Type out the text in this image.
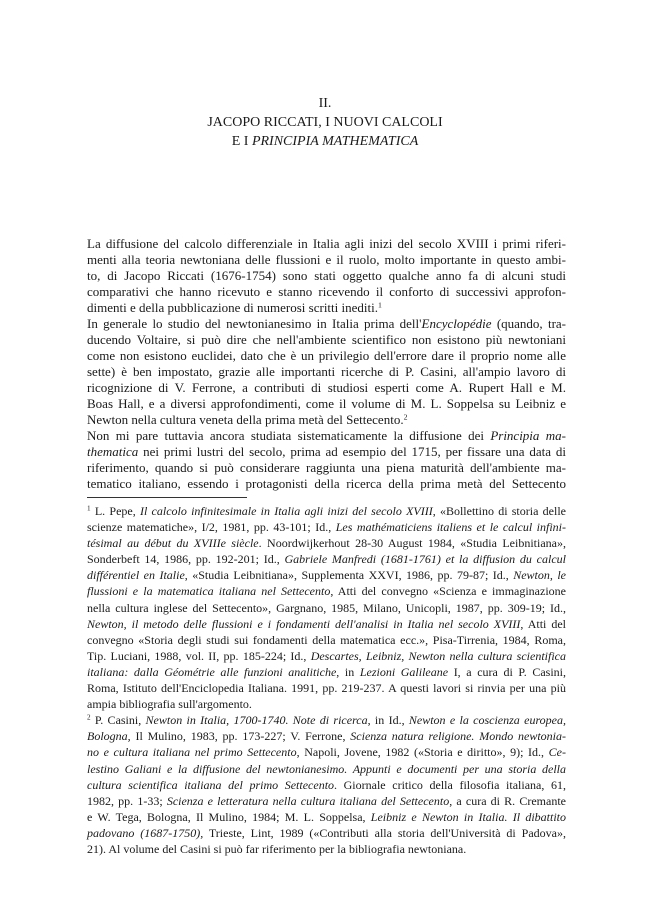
II.
JACOPO RICCATI, I NUOVI CALCOLI
E I PRINCIPIA MATHEMATICA
La diffusione del calcolo differenziale in Italia agli inizi del secolo XVIII i primi riferi-
menti alla teoria newtoniana delle flussioni e il ruolo, molto importante in questo ambi-
to, di Jacopo Riccati (1676-1754) sono stati oggetto qualche anno fa di alcuni studi
comparativi che hanno ricevuto e stanno ricevendo il conforto di successivi approfon-
dimenti e della pubblicazione di numerosi scritti inediti.$^1$
In generale lo studio del newtonianesimo in Italia prima dell'Encyclopédie (quando, tra-
ducendo Voltaire, si può dire che nell'ambiente scientifico non esistono più newtoniani
come non esistono euclidei, dato che è un privilegio dell'errore dare il proprio nome alle
sette) è ben impostato, grazie alle importanti ricerche di P. Casini, all'ampio lavoro di
ricognizione di V. Ferrone, a contributi di studiosi esperti come A. Rupert Hall e M.
Boas Hall, e a diversi approfondimenti, come il volume di M. L. Soppelsa su Leibniz e
Newton nella cultura veneta della prima metà del Settecento.$^2$
Non mi pare tuttavia ancora studiata sistematicamente la diffusione dei Principia ma-
thematica nei primi lustri del secolo, prima ad esempio del 1715, per fissare una data di
riferimento, quando si può considerare raggiunta una piena maturità dell'ambiente ma-
tematico italiano, essendo i protagonisti della ricerca della prima metà del Settecento
$^1$ L. Pepe, Il calcolo infinitesimale in Italia agli inizi del secolo XVIII, «Bollettino di storia delle
scienze matematiche», I/2, 1981, pp. 43-101; Id., Les mathématiciens italiens et le calcul infini-
tésimal au début du XVIIIe siècle. Noordwijkerhout 28-30 August 1984, «Studia Leibnitiana»,
Sonderbeft 14, 1986, pp. 192-201; Id., Gabriele Manfredi (1681-1761) et la diffusion du calcul
différentiel en Italie, «Studia Leibnitiana», Supplementa XXVI, 1986, pp. 79-87; Id., Newton, le
flussioni e la matematica italiana nel Settecento, Atti del convegno «Scienza e immaginazione
nella cultura inglese del Settecento», Gargnano, 1985, Milano, Unicopli, 1987, pp. 309-19; Id.,
Newton, il metodo delle flussioni e i fondamenti dell'analisi in Italia nel secolo XVIII, Atti del
convegno «Storia degli studi sui fondamenti della matematica ecc.», Pisa-Tirrenia, 1984, Roma,
Tip. Luciani, 1988, vol. II, pp. 185-224; Id., Descartes, Leibniz, Newton nella cultura scientifica
italiana: dalla Géométrie alle funzioni analitiche, in Lezioni Galileane I, a cura di P. Casini,
Roma, Istituto dell'Enciclopedia Italiana. 1991, pp. 219-237. A questi lavori si rinvia per una più
ampia bibliografia sull'argomento.
$^2$ P. Casini, Newton in Italia, 1700-1740. Note di ricerca, in Id., Newton e la coscienza europea,
Bologna, Il Mulino, 1983, pp. 173-227; V. Ferrone, Scienza natura religione. Mondo newtonia-
no e cultura italiana nel primo Settecento, Napoli, Jovene, 1982 («Storia e diritto», 9); Id., Ce-
lestino Galiani e la diffusione del newtonianesimo. Appunti e documenti per una storia della
cultura scientifica italiana del primo Settecento. Giornale critico della filosofia italiana, 61,
1982, pp. 1-33; Scienza e letteratura nella cultura italiana del Settecento, a cura di R. Cremante
e W. Tega, Bologna, Il Mulino, 1984; M. L. Soppelsa, Leibniz e Newton in Italia. Il dibattito
padovano (1687-1750), Trieste, Lint, 1989 («Contributi alla storia dell'Università di Padova»,
21). Al volume del Casini si può far riferimento per la bibliografia newtoniana.
